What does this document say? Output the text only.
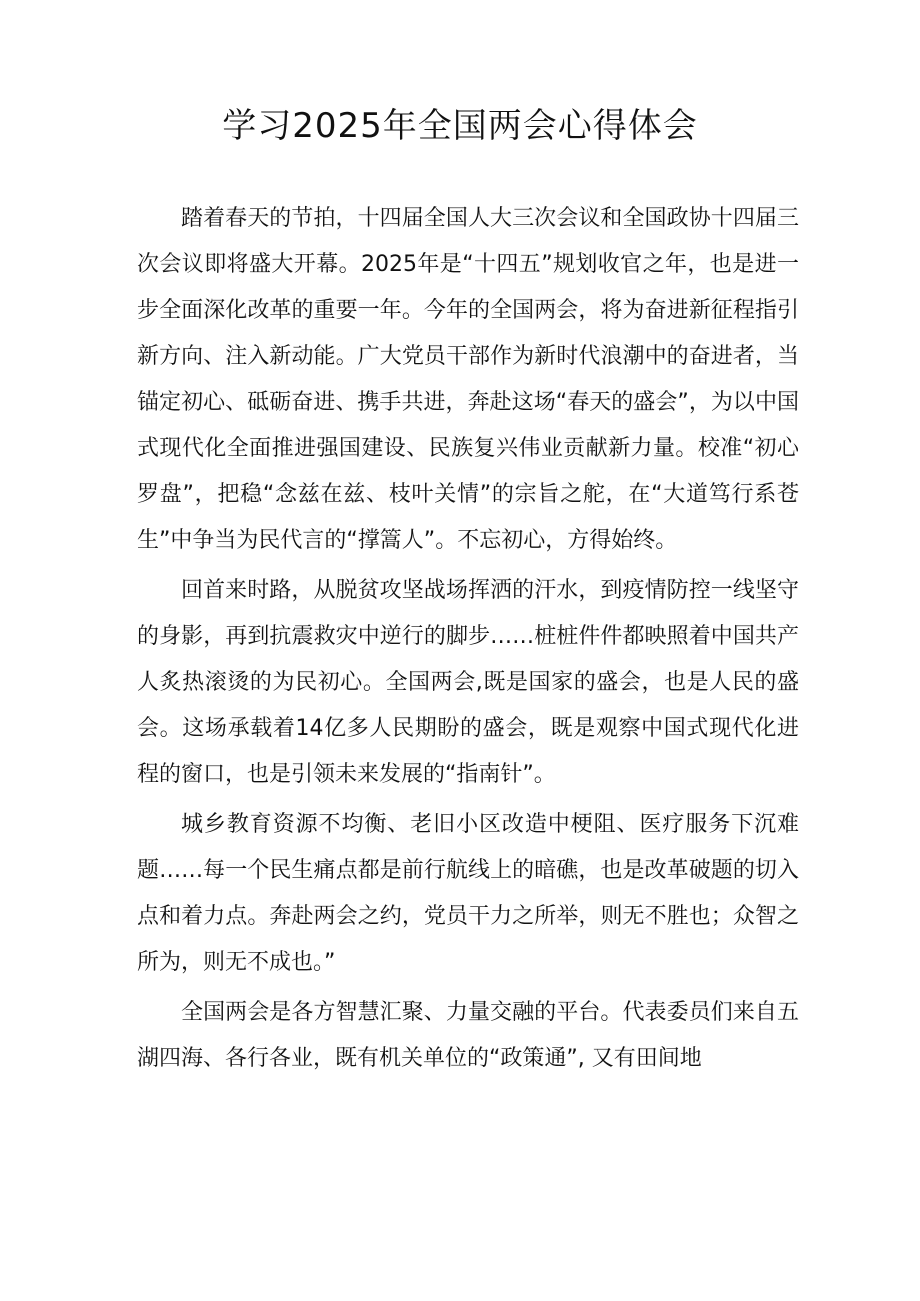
学习2025年全国两会心得体会

踏着春天的节拍，十四届全国人大三次会议和全国政协十四届三次会议即将盛大开幕。2025年是“十四五”规划收官之年，也是进一步全面深化改革的重要一年。今年的全国两会，将为奋进新征程指引新方向、注入新动能。广大党员干部作为新时代浪潮中的奋进者，当锚定初心、砥砺奋进、携手共进，奔赴这场“春天的盛会”，为以中国式现代化全面推进强国建设、民族复兴伟业贡献新力量。校准“初心罗盘”，把稳“念兹在兹、枝叶关情”的宗旨之舵，在“大道笃行系苍生”中争当为民代言的“撑篙人”。不忘初心，方得始终。

回首来时路，从脱贫攻坚战场挥洒的汗水，到疫情防控一线坚守的身影，再到抗震救灾中逆行的脚步……桩桩件件都映照着中国共产人炙热滚烫的为民初心。全国两会,既是国家的盛会，也是人民的盛会。这场承载着14亿多人民期盼的盛会，既是观察中国式现代化进程的窗口，也是引领未来发展的“指南针”。

城乡教育资源不均衡、老旧小区改造中梗阻、医疗服务下沉难题……每一个民生痛点都是前行航线上的暗礁，也是改革破题的切入点和着力点。奔赴两会之约，党员干力之所举，则无不胜也；众智之所为，则无不成也。”

全国两会是各方智慧汇聚、力量交融的平台。代表委员们来自五湖四海、各行各业，既有机关单位的“政策通”, 又有田间地
